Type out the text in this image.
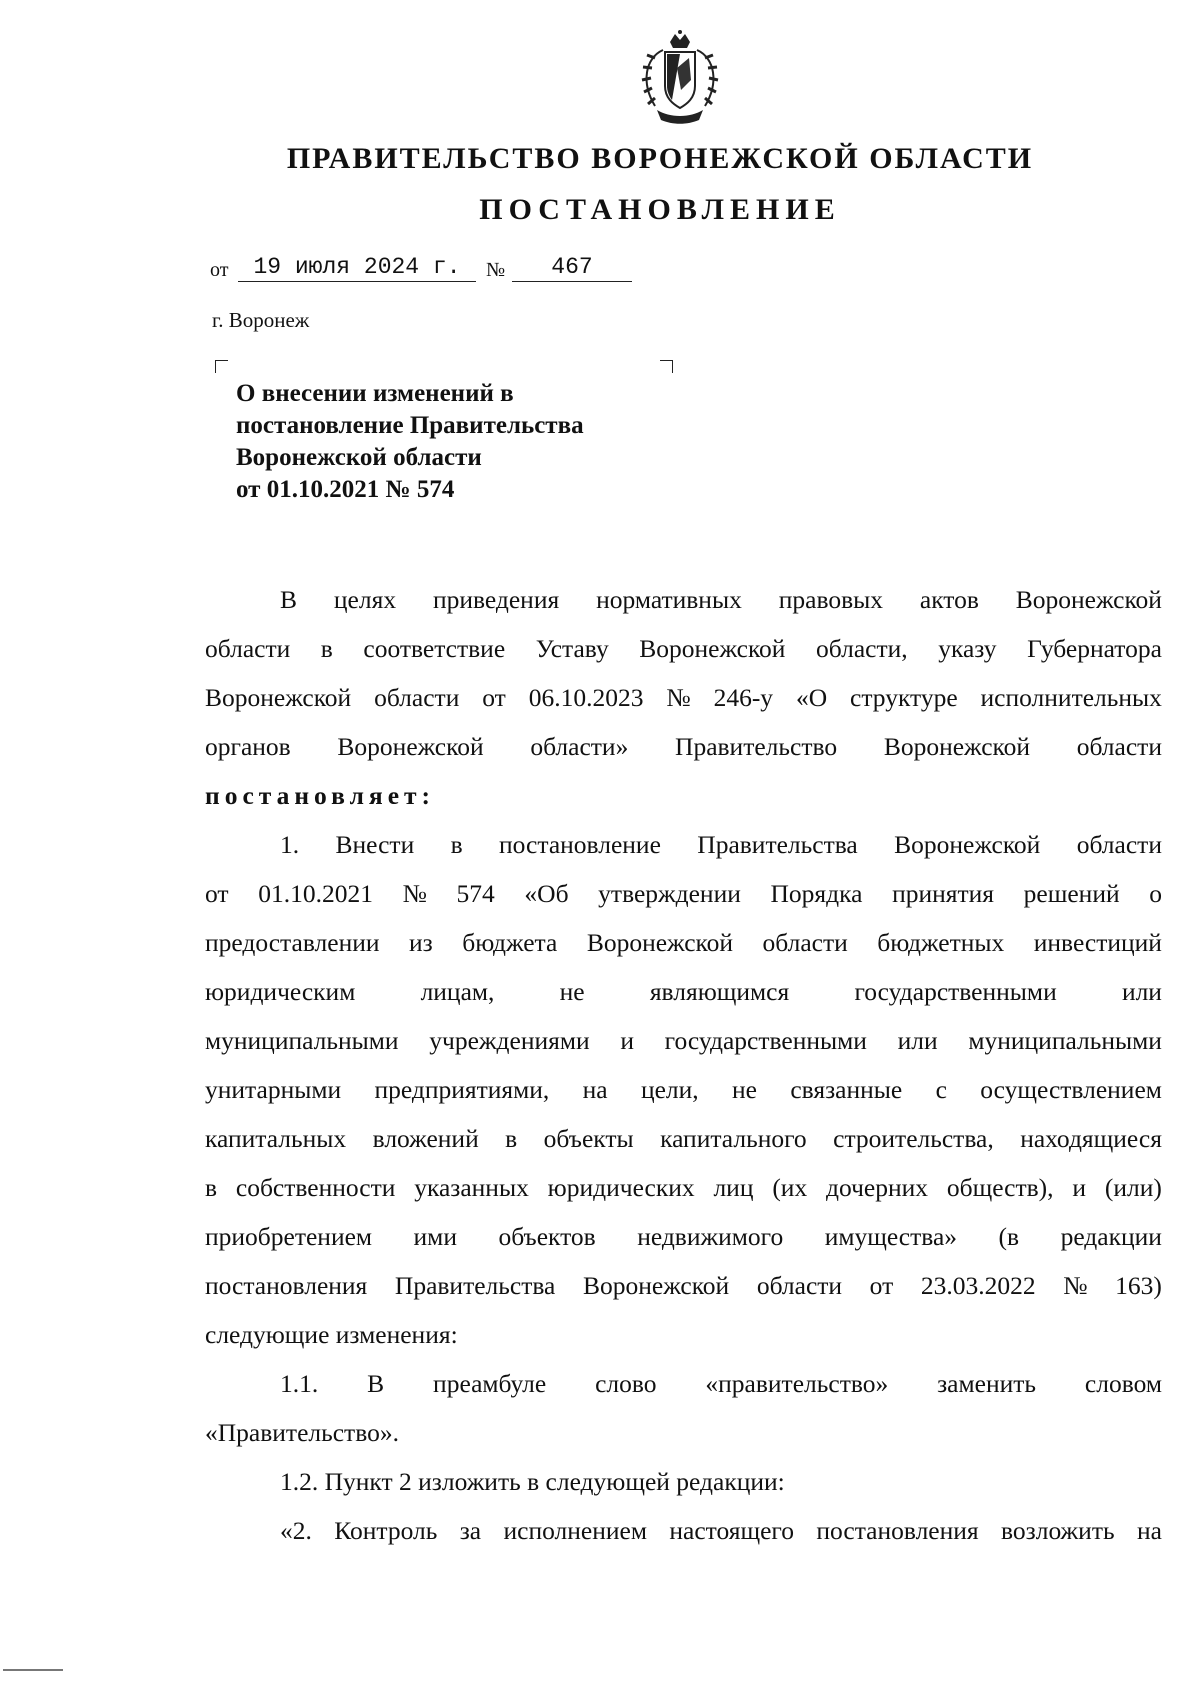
ПРАВИТЕЛЬСТВО ВОРОНЕЖСКОЙ ОБЛАСТИ
ПОСТАНОВЛЕНИЕ
от	19 июля 2024 г.	№	467
г. Воронеж
О внесении изменений в
постановление Правительства
Воронежской области
от 01.10.2021 № 574
В целях приведения нормативных правовых актов Воронежской
области в соответствие Уставу Воронежской области, указу Губернатора
Воронежской области от 06.10.2023 № 246-у «О структуре исполнительных
органов Воронежской области» Правительство Воронежской области
постановляет:
1. Внести в постановление Правительства Воронежской области
от 01.10.2021 № 574 «Об утверждении Порядка принятия решений о
предоставлении из бюджета Воронежской области бюджетных инвестиций
юридическим	лицам,	не	являющимся	государственными	или
муниципальными учреждениями и государственными или муниципальными
унитарными предприятиями, на цели, не связанные с осуществлением
капитальных вложений в объекты капитального строительства, находящиеся
в собственности указанных юридических лиц (их дочерних обществ), и (или)
приобретением ими объектов недвижимого имущества» (в редакции
постановления Правительства Воронежской области от 23.03.2022 № 163)
следующие изменения:
1.1. В преамбуле слово «правительство» заменить словом
«Правительство».
1.2. Пункт 2 изложить в следующей редакции:
«2. Контроль за исполнением настоящего постановления возложить на
